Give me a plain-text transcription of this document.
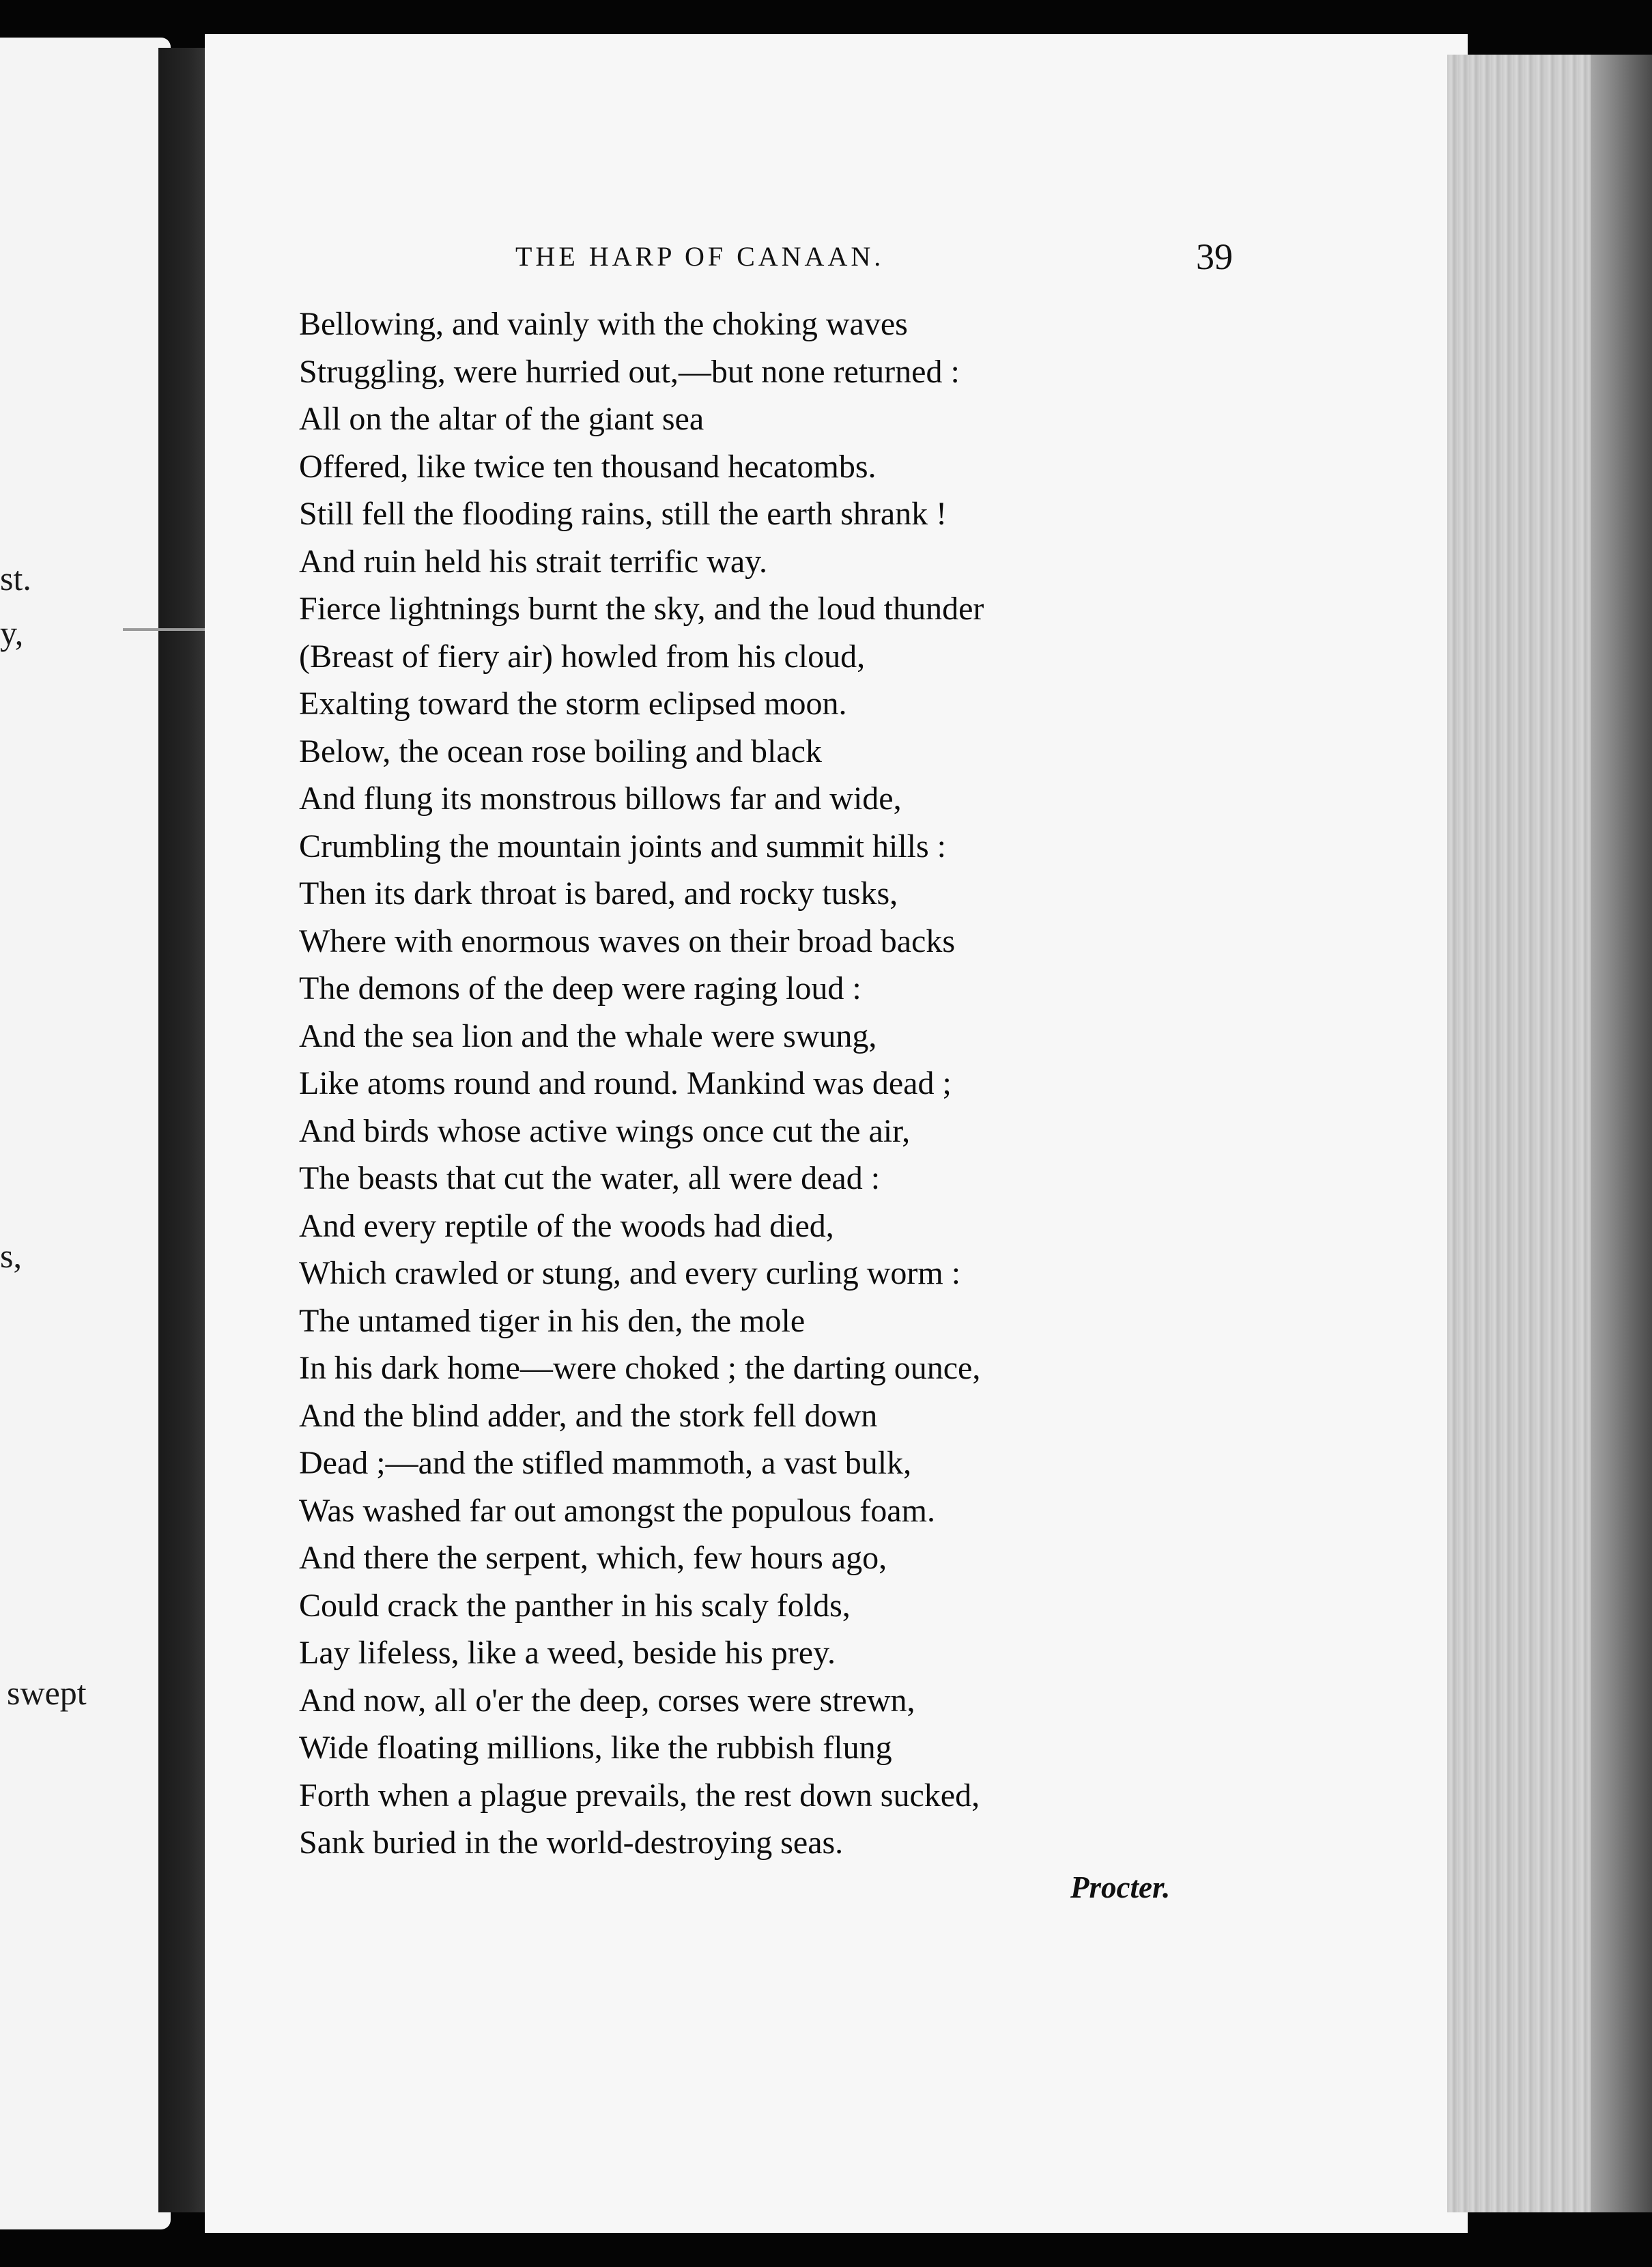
st.
y,
s,
swept
THE HARP OF CANAAN.	39
Bellowing, and vainly with the choking waves
Struggling, were hurried out,—but none returned :
All on the altar of the giant sea
Offered, like twice ten thousand hecatombs.
Still fell the flooding rains, still the earth shrank !
And ruin held his strait terrific way.
Fierce lightnings burnt the sky, and the loud thunder
(Breast of fiery air) howled from his cloud,
Exalting toward the storm eclipsed moon.
Below, the ocean rose boiling and black
And flung its monstrous billows far and wide,
Crumbling the mountain joints and summit hills :
Then its dark throat is bared, and rocky tusks,
Where with enormous waves on their broad backs
The demons of the deep were raging loud :
And the sea lion and the whale were swung,
Like atoms round and round. Mankind was dead ;
And birds whose active wings once cut the air,
The beasts that cut the water, all were dead :
And every reptile of the woods had died,
Which crawled or stung, and every curling worm :
The untamed tiger in his den, the mole
In his dark home—were choked ; the darting ounce,
And the blind adder, and the stork fell down
Dead ;—and the stifled mammoth, a vast bulk,
Was washed far out amongst the populous foam.
And there the serpent, which, few hours ago,
Could crack the panther in his scaly folds,
Lay lifeless, like a weed, beside his prey.
And now, all o'er the deep, corses were strewn,
Wide floating millions, like the rubbish flung
Forth when a plague prevails, the rest down sucked,
Sank buried in the world-destroying seas.
Procter.
